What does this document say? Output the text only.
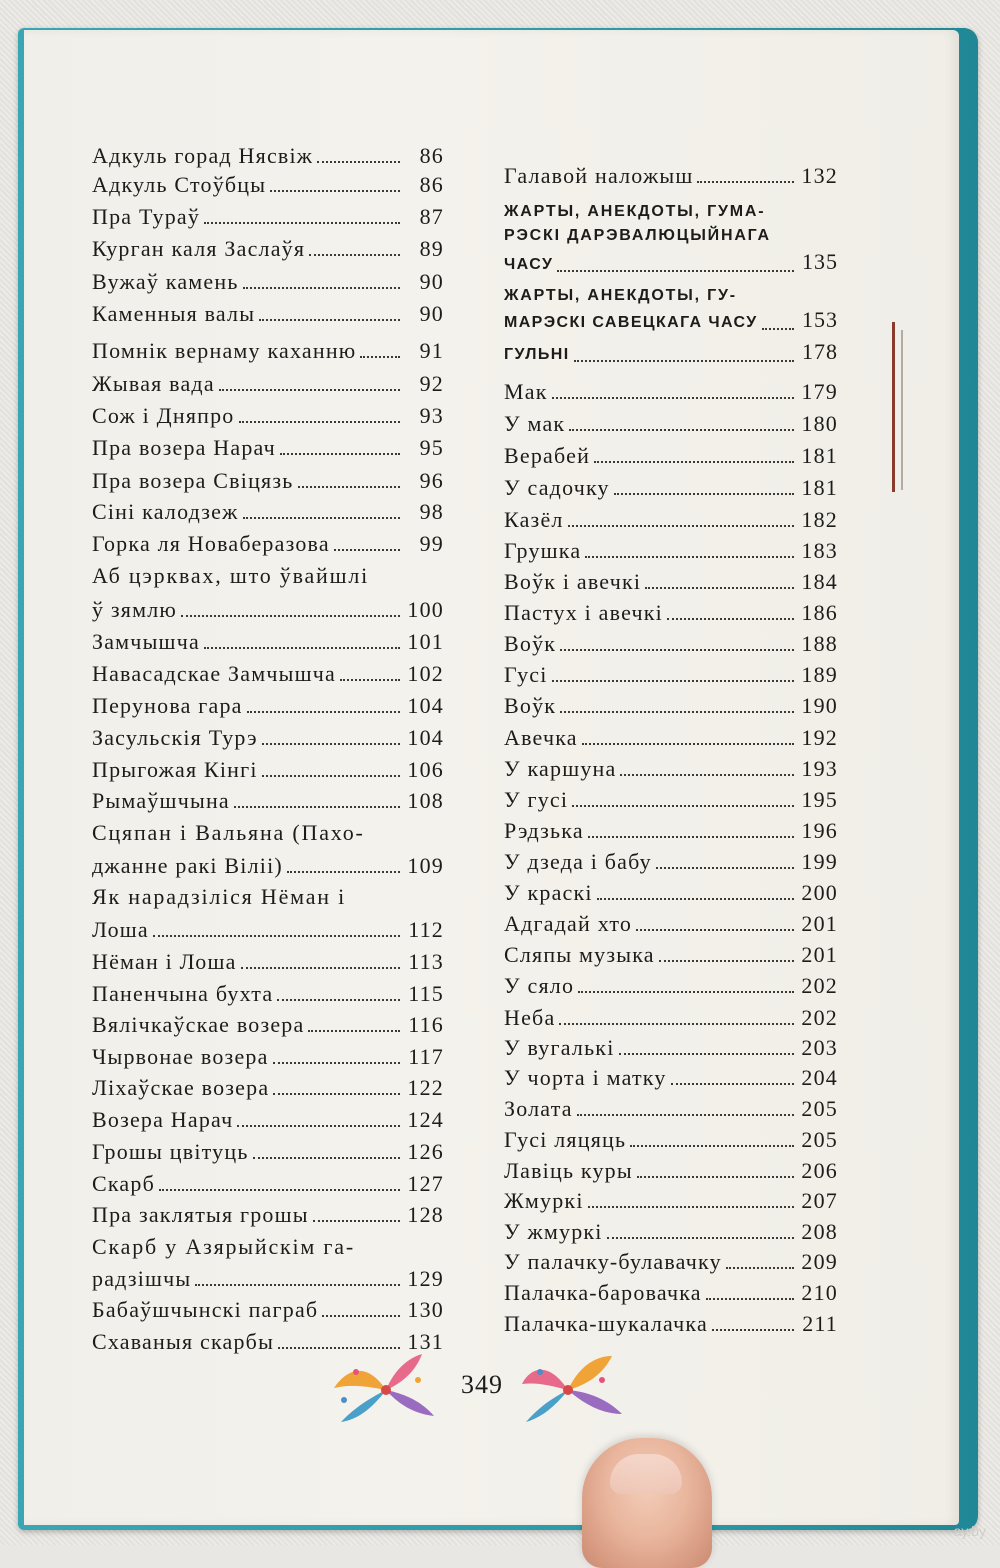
Адкуль горад Нясвіж	86
Адкуль Стоўбцы	86
Пра Тураў	87
Курган каля Заслаўя	89
Вужаў камень	90
Каменныя валы	90
Помнік вернаму каханню	91
Жывая вада	92
Сож і Дняпро	93
Пра возера Нарач	95
Пра возера Свіцязь	96
Сіні калодзеж	98
Горка ля Новаберазова	99
Аб цэрквах, што ўвайшлі
ў зямлю	100
Замчышча	101
Навасадскае Замчышча	102
Перунова гара	104
Засульскія Турэ	104
Прыгожая Кінгі	106
Рымаўшчына	108
Сцяпан і Вальяна (Пахо-
джанне ракі Віліі)	109
Як нарадзіліся Нёман і
Лоша	112
Нёман і Лоша	113
Паненчына бухта	115
Вялічкаўскае возера	116
Чырвонае возера	117
Ліхаўскае возера	122
Возера Нарач	124
Грошы цвітуць	126
Скарб	127
Пра заклятыя грошы	128
Скарб у Азярыйскім га-
радзішчы	129
Бабаўшчынскі паграб	130
Схаваныя скарбы	131
Галавой наложыш	132
ЖАРТЫ, АНЕКДОТЫ, ГУМА-
РЭСКІ ДАРЭВАЛЮЦЫЙНАГА
ЧАСУ	135
ЖАРТЫ, АНЕКДОТЫ, ГУ-
МАРЭСКІ САВЕЦКАГА ЧАСУ 153
ГУЛЬНІ	178
Мак	179
У мак	180
Верабей	181
У садочку	181
Казёл	182
Грушка	183
Воўк і авечкі	184
Пастух і авечкі	186
Воўк	188
Гусі	189
Воўк	190
Авечка	192
У каршуна	193
У гусі	195
Рэдзька	196
У дзеда і бабу	199
У краскі	200
Адгадай хто	201
Сляпы музыка	201
У сяло	202
Неба	202
У вугалькі	203
У чорта і матку	204
Золата	205
Гусі ляцяць	205
Лавіць куры	206
Жмуркі	207
У жмуркі	208
У палачку-булавачку	209
Палачка-баровачка	210
Палачка-шукалачка	211
349
ay.by
